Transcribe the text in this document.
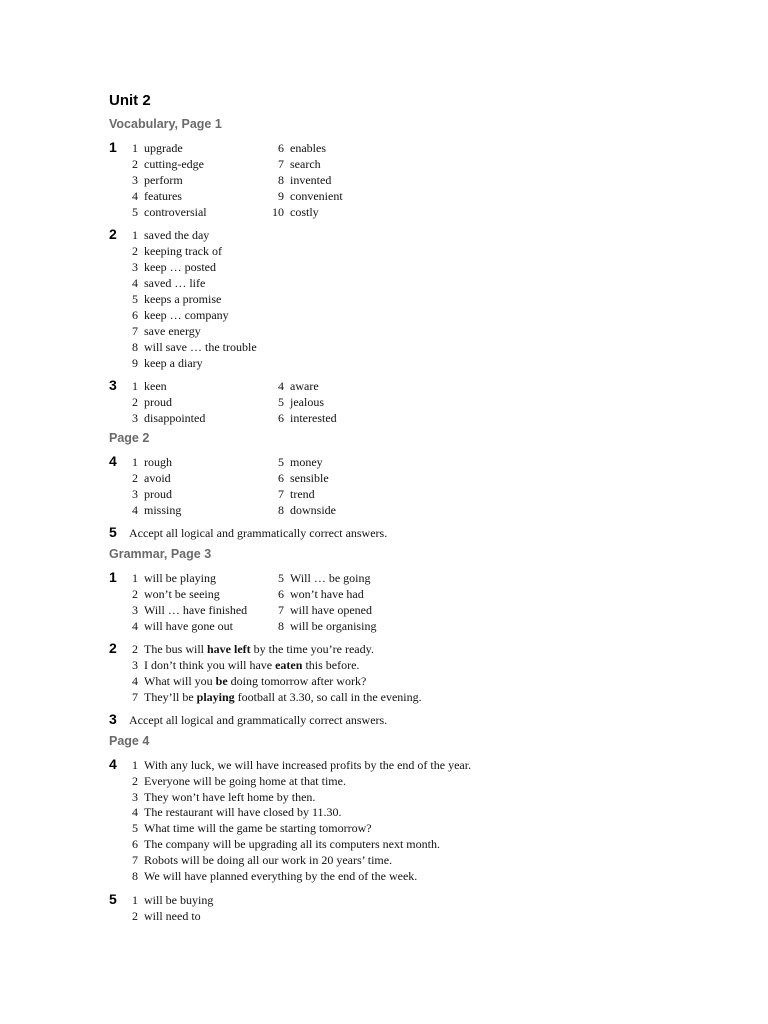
Unit 2
Vocabulary, Page 1
1
2
3
Page 2
4
5 Accept all logical and grammatically correct answers.
Grammar, Page 3
1
2
3 Accept all logical and grammatically correct answers.
Page 4
4
5
1 upgrade
2 cutting-edge
3 perform
4 features
5 controversial
6 enables
7 search
8 invented
9 convenient
10 costly
1 saved the day
2 keeping track of
3 keep … posted
4 saved … life
5 keeps a promise
6 keep … company
7 save energy
8 will save … the trouble
9 keep a diary
1 keen
2 proud
3 disappointed
4 aware
5 jealous
6 interested
1 rough
2 avoid
3 proud
4 missing
5 money
6 sensible
7 trend
8 downside
1 will be playing
2 won’t be seeing
3 Will … have finished
4 will have gone out
5 Will … be going
6 won’t have had
7 will have opened
8 will be organising
1 With any luck, we will have increased profits by the end of the year.
2 Everyone will be going home at that time.
3 They won’t have left home by then.
4 The restaurant will have closed by 11.30.
5 What time will the game be starting tomorrow?
6 The company will be upgrading all its computers next month.
7 Robots will be doing all our work in 20 years’ time.
8 We will have planned everything by the end of the week.
1 will be buying
2 will need to
2 The bus will have left by the time you’re ready.
3 I don’t think you will have eaten this before.
4 What will you be doing tomorrow after work?
7 They’ll be playing football at 3.30, so call in the evening.
